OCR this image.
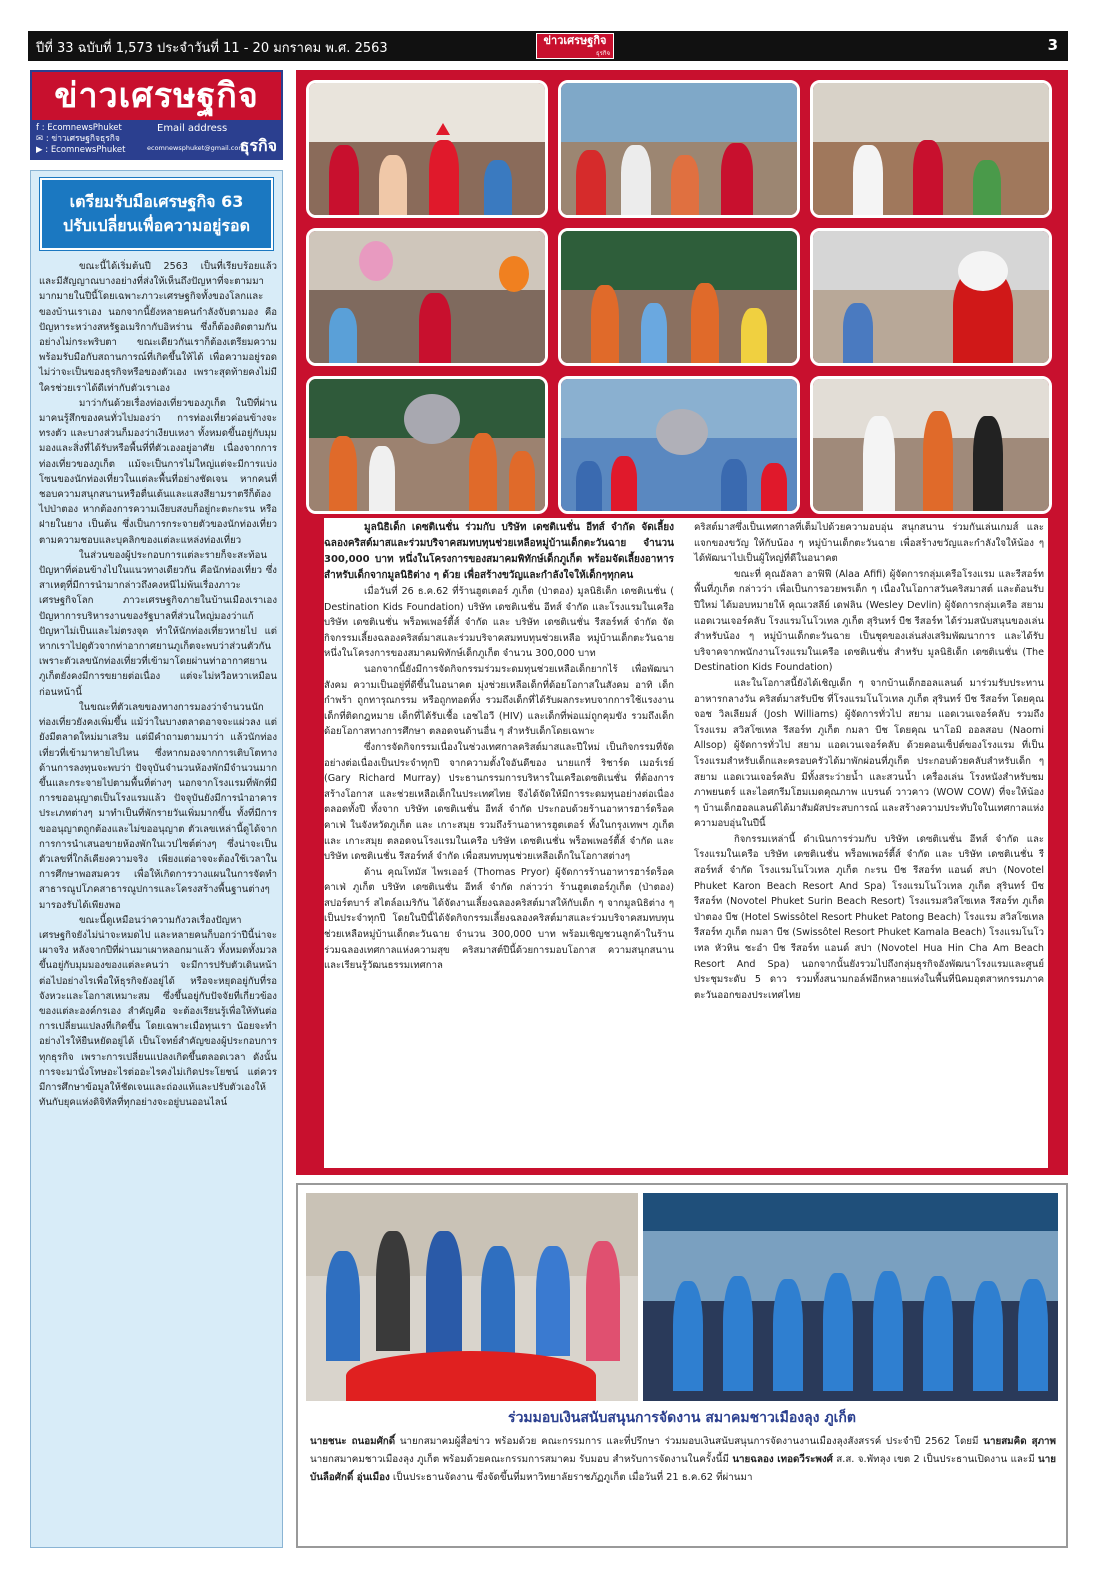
ปีที่ 33 ฉบับที่ 1,573 ประจำวันที่ 11 - 20 มกราคม พ.ศ. 2563
ข่าวเศรษฐกิจ
ธุรกิจ	3
ข่าวเศรษฐกิจ
f : EcomnewsPhuket
✉ : ข่าวเศรษฐกิจธุรกิจ
▶ : EcomnewsPhuket
Email address
ecomnewsphuket@gmail.com
ธุรกิจ
เตรียมรับมือเศรษฐกิจ 63
ปรับเปลี่ยนเพื่อความอยู่รอด

ขณะนี้ได้เริ่มต้นปี 2563 เป็นที่เรียบร้อยแล้ว และมีสัญญาณบางอย่างที่ส่งให้เห็นถึงปัญหาที่จะตามมามากมายในปีนี้โดยเฉพาะภาวะเศรษฐกิจทั้งของโลกและของบ้านเราเอง นอกจากนี้ยังหลายคนกำลังจับตามอง คือ ปัญหาระหว่างสหรัฐอเมริกากับอิหร่าน ซึ่งก็ต้องติดตามกันอย่างไม่กระพริบตา ขณะเดียวกันเราก็ต้องเตรียมความพร้อมรับมือกับสถานการณ์ที่เกิดขึ้นให้ได้ เพื่อความอยู่รอด ไม่ว่าจะเป็นของธุรกิจหรือของตัวเอง เพราะสุดท้ายคงไม่มีใครช่วยเราได้ดีเท่ากับตัวเราเอง

มาว่ากันด้วยเรื่องท่องเที่ยวของภูเก็ต ในปีที่ผ่านมาคนรู้สึกของคนทั่วไปมองว่า การท่องเที่ยวค่อนข้างจะทรงตัว และบางส่วนก็มองว่าเงียบเหงา ทั้งหมดขึ้นอยู่กับมุมมองและสิ่งที่ได้รับหรือพื้นที่ที่ตัวเองอยู่อาศัย เนื่องจากการท่องเที่ยวของภูเก็ต แม้จะเป็นการไม่ใหญ่แต่จะมีการแบ่งโซนของนักท่องเที่ยวในแต่ละพื้นที่อย่างชัดเจน หากคนที่ชอบความสนุกสนานหรือตื่นเต้นและแสงสียามราตรีก็ต้องไปป่าตอง หากต้องการความเงียบสงบก็อยู่กะตะกะรน หรือฝายในยาง เป็นต้น ซึ่งเป็นการกระจายตัวของนักท่องเที่ยวตามความชอบและบุคลิกของแต่ละแหล่งท่องเที่ยว

ในส่วนของผู้ประกอบการแต่ละรายก็จะสะท้อนปัญหาที่ค่อนข้างไปในแนวทางเดียวกัน คือนักท่องเที่ยว ซึ่งสาเหตุที่มีการนำมากล่าวถึงคงหนีไม่พ้นเรื่องภาวะเศรษฐกิจโลก ภาวะเศรษฐกิจภายในบ้านเมืองเราเอง ปัญหาการบริหารงานของรัฐบาลที่ส่วนใหญ่มองว่าแก้ปัญหาไม่เป็นและไม่ตรงจุด ทำให้นักท่องเที่ยวหายไป แต่หากเราไปดูตัวจากท่าอากาศยานภูเก็ตจะพบว่าส่วนตัวกันเพราะตัวเลขนักท่องเที่ยวที่เข้ามาโดยผ่านท่าอากาศยานภูเก็ตยังคงมีการขยายต่อเนื่อง แต่จะไม่หวือหวาเหมือนก่อนหน้านี้

ในขณะที่ตัวเลขของทางการมองว่าจำนวนนักท่องเที่ยวยังคงเพิ่มขึ้น แม้ว่าในบางตลาดอาจจะแผ่วลง แต่ยังมีตลาดใหม่มาเสริม แต่มีคำถามตามมาว่า แล้วนักท่องเที่ยวที่เข้ามาหายไปไหน ซึ่งหากมองจากการเติบโตทางด้านการลงทุนจะพบว่า ปัจจุบันจำนวนห้องพักมีจำนวนมากขึ้นและกระจายไปตามพื้นที่ต่างๆ นอกจากโรงแรมที่พักที่มีการขออนุญาตเป็นโรงแรมแล้ว ปัจจุบันยังมีการนำอาคารประเภทต่างๆ มาทำเป็นที่พักรายวันเพิ่มมากขึ้น ทั้งที่มีการขออนุญาตถูกต้องและไม่ขออนุญาต ตัวเลขเหล่านี้ดูได้จากการการนำเสนอขายห้องพักในเวปไซต์ต่างๆ ซึ่งน่าจะเป็นตัวเลขที่ใกล้เคียงความจริง เพียงแต่อาจจะต้องใช้เวลาในการศึกษาพอสมควร เพื่อให้เกิดการวางแผนในการจัดทำสาธารณูปโภคสาธารณูปการและโครงสร้างพื้นฐานต่างๆ มารองรับได้เพียงพอ

ขณะนี้ดูเหมือนว่าความกังวลเรื่องปัญหาเศรษฐกิจยังไม่น่าจะหมดไป และหลายคนก็บอกว่าปีนี้น่าจะเผาจริง หลังจากปีที่ผ่านมาเผาหลอกมาแล้ว ทั้งหมดทั้งมวลขึ้นอยู่กับมุมมองของแต่ละคนว่า จะมีการปรับตัวเดินหน้าต่อไปอย่างไรเพื่อให้ธุรกิจยังอยู่ได้ หรือจะหยุดอยู่กับที่รอจังหวะและโอกาสเหมาะสม ซึ่งขึ้นอยู่กับปัจจัยที่เกี่ยวข้องของแต่ละองค์กรเอง สำคัญคือ จะต้องเรียนรู้เพื่อให้ทันต่อการเปลี่ยนแปลงที่เกิดขึ้น โดยเฉพาะเมื่อทุนเรา น้อยจะทำอย่างไรให้ยืนหยัดอยู่ได้ เป็นโจทย์สำคัญของผู้ประกอบการทุกธุรกิจ เพราะการเปลี่ยนแปลงเกิดขึ้นตลอดเวลา ดังนั้นการจะมานั่งโทษอะไรต่ออะไรคงไม่เกิดประโยชน์ แต่ควรมีการศึกษาข้อมูลให้ชัดเจนและถ่องแท้และปรับตัวเองให้ทันกับยุคแห่งดิจิทัลที่ทุกอย่างจะอยู่บนออนไลน์

มูลนิธิเด็ก เดซติเนชั่น ร่วมกับ บริษัท เดซติเนชั่น อีทส์ จำกัด จัดเลี้ยงฉลองคริสต์มาสและร่วมบริจาคสมทบทุนช่วยเหลือหมู่บ้านเด็กตะวันฉาย จำนวน 300,000 บาท หนึ่งในโครงการของสมาคมพิทักษ์เด็กภูเก็ต พร้อมจัดเลี้ยงอาหารสำหรับเด็กจากมูลนิธิต่าง ๆ ด้วย เพื่อสร้างขวัญและกำลังใจให้เด็กๆทุกคน

เมื่อวันที่ 26 ธ.ค.62 ที่ร้านฮูตเตอร์ ภูเก็ต (ป่าตอง) มูลนิธิเด็ก เดซติเนชั่น ( Destination Kids Foundation) บริษัท เดซติเนชั่น อีทส์ จำกัด และโรงแรมในเครือ บริษัท เดซติเนชั่น พร็อพเพอร์ตี้ส์ จำกัด และ บริษัท เดซติเนชั่น รีสอร์ทส์ จำกัด จัดกิจกรรมเลี้ยงฉลองคริสต์มาสและร่วมบริจาคสมทบทุนช่วยเหลือ หมู่บ้านเด็กตะวันฉาย หนึ่งในโครงการของสมาคมพิทักษ์เด็กภูเก็ต จำนวน 300,000 บาท

นอกจากนี้ยังมีการจัดกิจกรรมร่วมระดมทุนช่วยเหลือเด็กยากไร้ เพื่อพัฒนาสังคม ความเป็นอยู่ที่ดีขึ้นในอนาคต มุ่งช่วยเหลือเด็กที่ด้อยโอกาสในสังคม อาทิ เด็กกำพร้า ถูกทารุณกรรม หรือถูกทอดทิ้ง รวมถึงเด็กที่ได้รับผลกระทบจากการใช้แรงงาน เด็กที่ติดกฎหมาย เด็กที่ได้รับเชื้อ เอชไอวี (HIV) และเด็กที่พ่อแม่ถูกคุมขัง รวมถึงเด็กด้อยโอกาสทางการศึกษา ตลอดจนด้านอื่น ๆ สำหรับเด็กโดยเฉพาะ

ซึ่งการจัดกิจกรรมเนื่องในช่วงเทศกาลคริสต์มาสและปีใหม่ เป็นกิจกรรมที่จัดอย่างต่อเนื่องเป็นประจำทุกปี จากความตั้งใจอันดีของ นายแกรี่ ริชาร์ด เมอร์เรย์ (Gary Richard Murray) ประธานกรรมการบริหารในเครือเดซติเนชั่น ที่ต้องการสร้างโอกาส และช่วยเหลือเด็กในประเทศไทย จึงได้จัดให้มีการระดมทุนอย่างต่อเนื่องตลอดทั้งปี ทั้งจาก บริษัท เดซติเนชั่น อีทส์ จำกัด ประกอบด้วยร้านอาหารฮาร์ดร็อค คาเฟ่ ในจังหวัดภูเก็ต และ เกาะสมุย รวมถึงร้านอาหารฮูตเตอร์ ทั้งในกรุงเทพฯ ภูเก็ต และ เกาะสมุย ตลอดจนโรงแรมในเครือ บริษัท เดซติเนชั่น พร็อพเพอร์ตี้ส์ จำกัด และ บริษัท เดซติเนชั่น รีสอร์ทส์ จำกัด เพื่อสมทบทุนช่วยเหลือเด็กในโอกาสต่างๆ

ด้าน คุณโทมัส ไพรเออร์ (Thomas Pryor) ผู้จัดการร้านอาหารฮาร์ดร็อค คาเฟ่ ภูเก็ต บริษัท เดซติเนชั่น อีทส์ จำกัด กล่าวว่า ร้านฮูตเตอร์ภูเก็ต (ป่าตอง) สปอร์ตบาร์ สไตล์อเมริกัน ได้จัดงานเลี้ยงฉลองคริสต์มาสให้กับเด็ก ๆ จากมูลนิธิต่าง ๆ เป็นประจำทุกปี โดยในปีนี้ได้จัดกิจกรรมเลี้ยงฉลองคริสต์มาสและร่วมบริจาคสมทบทุนช่วยเหลือหมู่บ้านเด็กตะวันฉาย จำนวน 300,000 บาท พร้อมเชิญชวนลูกค้าในร้านร่วมฉลองเทศกาลแห่งความสุข คริสมาสต์ปีนี้ด้วยการมอบโอกาส ความสนุกสนาน และเรียนรู้วัฒนธรรมเทศกาล

คริสต์มาสซึ่งเป็นเทศกาลที่เต็มไปด้วยความอบอุ่น สนุกสนาน ร่วมกันเล่นเกมส์ และแจกของขวัญ ให้กับน้อง ๆ หมู่บ้านเด็กตะวันฉาย เพื่อสร้างขวัญและกำลังใจให้น้อง ๆ ได้พัฒนาไปเป็นผู้ใหญ่ที่ดีในอนาคต

ขณะที่ คุณอัลลา อาฟิฟี (Alaa Afifi) ผู้จัดการกลุ่มเครือโรงแรม และรีสอร์ท พื้นที่ภูเก็ต กล่าวว่า เพื่อเป็นการอวยพรเด็ก ๆ เนื่องในโอกาสวันคริสมาสต์ และต้อนรับปีใหม่ ได้มอบหมายให้ คุณเวสลีย์ เดฟลิน (Wesley Devlin) ผู้จัดการกลุ่มเครือ สยามแอดเวนเจอร์คลับ โรงแรมโนโวเทล ภูเก็ต สุรินทร์ บีช รีสอร์ท ได้ร่วมสนับสนุนของเล่นสำหรับน้อง ๆ หมู่บ้านเด็กตะวันฉาย เป็นชุดของเล่นส่งเสริมพัฒนาการ และได้รับบริจาคจากพนักงานโรงแรมในเครือ เดซติเนชั่น สำหรับ มูลนิธิเด็ก เดซติเนชั่น (The Destination Kids Foundation)

และในโอกาสนี้ยังได้เชิญเด็ก ๆ จากบ้านเด็กฮอลแลนด์ มาร่วมรับประทานอาหารกลางวัน คริสต์มาสรับบีช ที่โรงแรมโนโวเทล ภูเก็ต สุรินทร์ บีช รีสอร์ท โดยคุณ จอช วิลเลียมส์ (Josh Williams) ผู้จัดการทั่วไป สยาม แอดเวนเจอร์คลับ รวมถึง โรงแรม สวิสโซเทล รีสอร์ท ภูเก็ต กมลา บีช โดยคุณ นาโอมิ ออลสอบ (Naomi Allsop) ผู้จัดการทั่วไป สยาม แอดเวนเจอร์คลับ ด้วยคอนเซ็ปต์ของโรงแรม ที่เป็นโรงแรมสำหรับเด็กและครอบครัวได้มาพักผ่อนที่ภูเก็ต ประกอบด้วยคลับสำหรับเด็ก ๆ สยาม แอดเวนเจอร์คลับ มีทั้งสระว่ายน้ำ และสวนน้ำ เครื่องเล่น โรงหนังสำหรับชมภาพยนตร์ และไอศกรีมโฮมเมดคุณภาพ แบรนด์ วาวคาว (WOW COW) ที่จะให้น้อง ๆ บ้านเด็กฮอลแลนด์ได้มาสัมผัสประสบการณ์ และสร้างความประทับใจในเทศกาลแห่งความอบอุ่นในปีนี้

กิจกรรมเหล่านี้ ดำเนินการร่วมกับ บริษัท เดซติเนชั่น อีทส์ จำกัด และ โรงแรมในเครือ บริษัท เดซติเนชั่น พร็อพเพอร์ตี้ส์ จำกัด และ บริษัท เดซติเนชั่น รีสอร์ทส์ จำกัด โรงแรมโนโวเทล ภูเก็ต กะรน บีช รีสอร์ท แอนด์ สปา (Novotel Phuket Karon Beach Resort And Spa) โรงแรมโนโวเทล ภูเก็ต สุรินทร์ บีช รีสอร์ท (Novotel Phuket Surin Beach Resort) โรงแรมสวิสโซเทล รีสอร์ท ภูเก็ต ป่าตอง บีช (Hotel Swissôtel Resort Phuket Patong Beach) โรงแรม สวิสโซเทล รีสอร์ท ภูเก็ต กมลา บีช (Swissôtel Resort Phuket Kamala Beach) โรงแรมโนโวเทล หัวหิน ชะอำ บีช รีสอร์ท แอนด์ สปา (Novotel Hua Hin Cha Am Beach Resort And Spa) นอกจากนั้นยังรวมไปถึงกลุ่มธุรกิจอังพัฒนาโรงแรมและศูนย์ประชุมระดับ 5 ดาว รวมทั้งสนามกอล์ฟอีกหลายแห่งในพื้นที่นิคมอุตสาหกรรมภาคตะวันออกของประเทศไทย

ร่วมมอบเงินสนับสนุนการจัดงาน สมาคมชาวเมืองลุง ภูเก็ต
นายชนะ ถนอมศักดิ์ นายกสมาคมผู้สื่อข่าว พร้อมด้วย คณะกรรมการ และที่ปรึกษา ร่วมมอบเงินสนับสนุนการจัดงานงานเมืองลุงสังสรรค์ ประจำปี 2562 โดยมี นายสมคิด สุภาพ นายกสมาคมชาวเมืองลุง ภูเก็ต พร้อมด้วยคณะกรรมการสมาคม รับมอบ สำหรับการจัดงานในครั้งนี้มี นายฉลอง เทอดวีระพงศ์ ส.ส. จ.พัทลุง เขต 2 เป็นประธานเปิดงาน และมี นายบันลือศักดิ์ อุ่นเมือง เป็นประธานจัดงาน ซึ่งจัดขึ้นที่มหาวิทยาลัยราชภัฏภูเก็ต เมื่อวันที่ 21 ธ.ค.62 ที่ผ่านมา
